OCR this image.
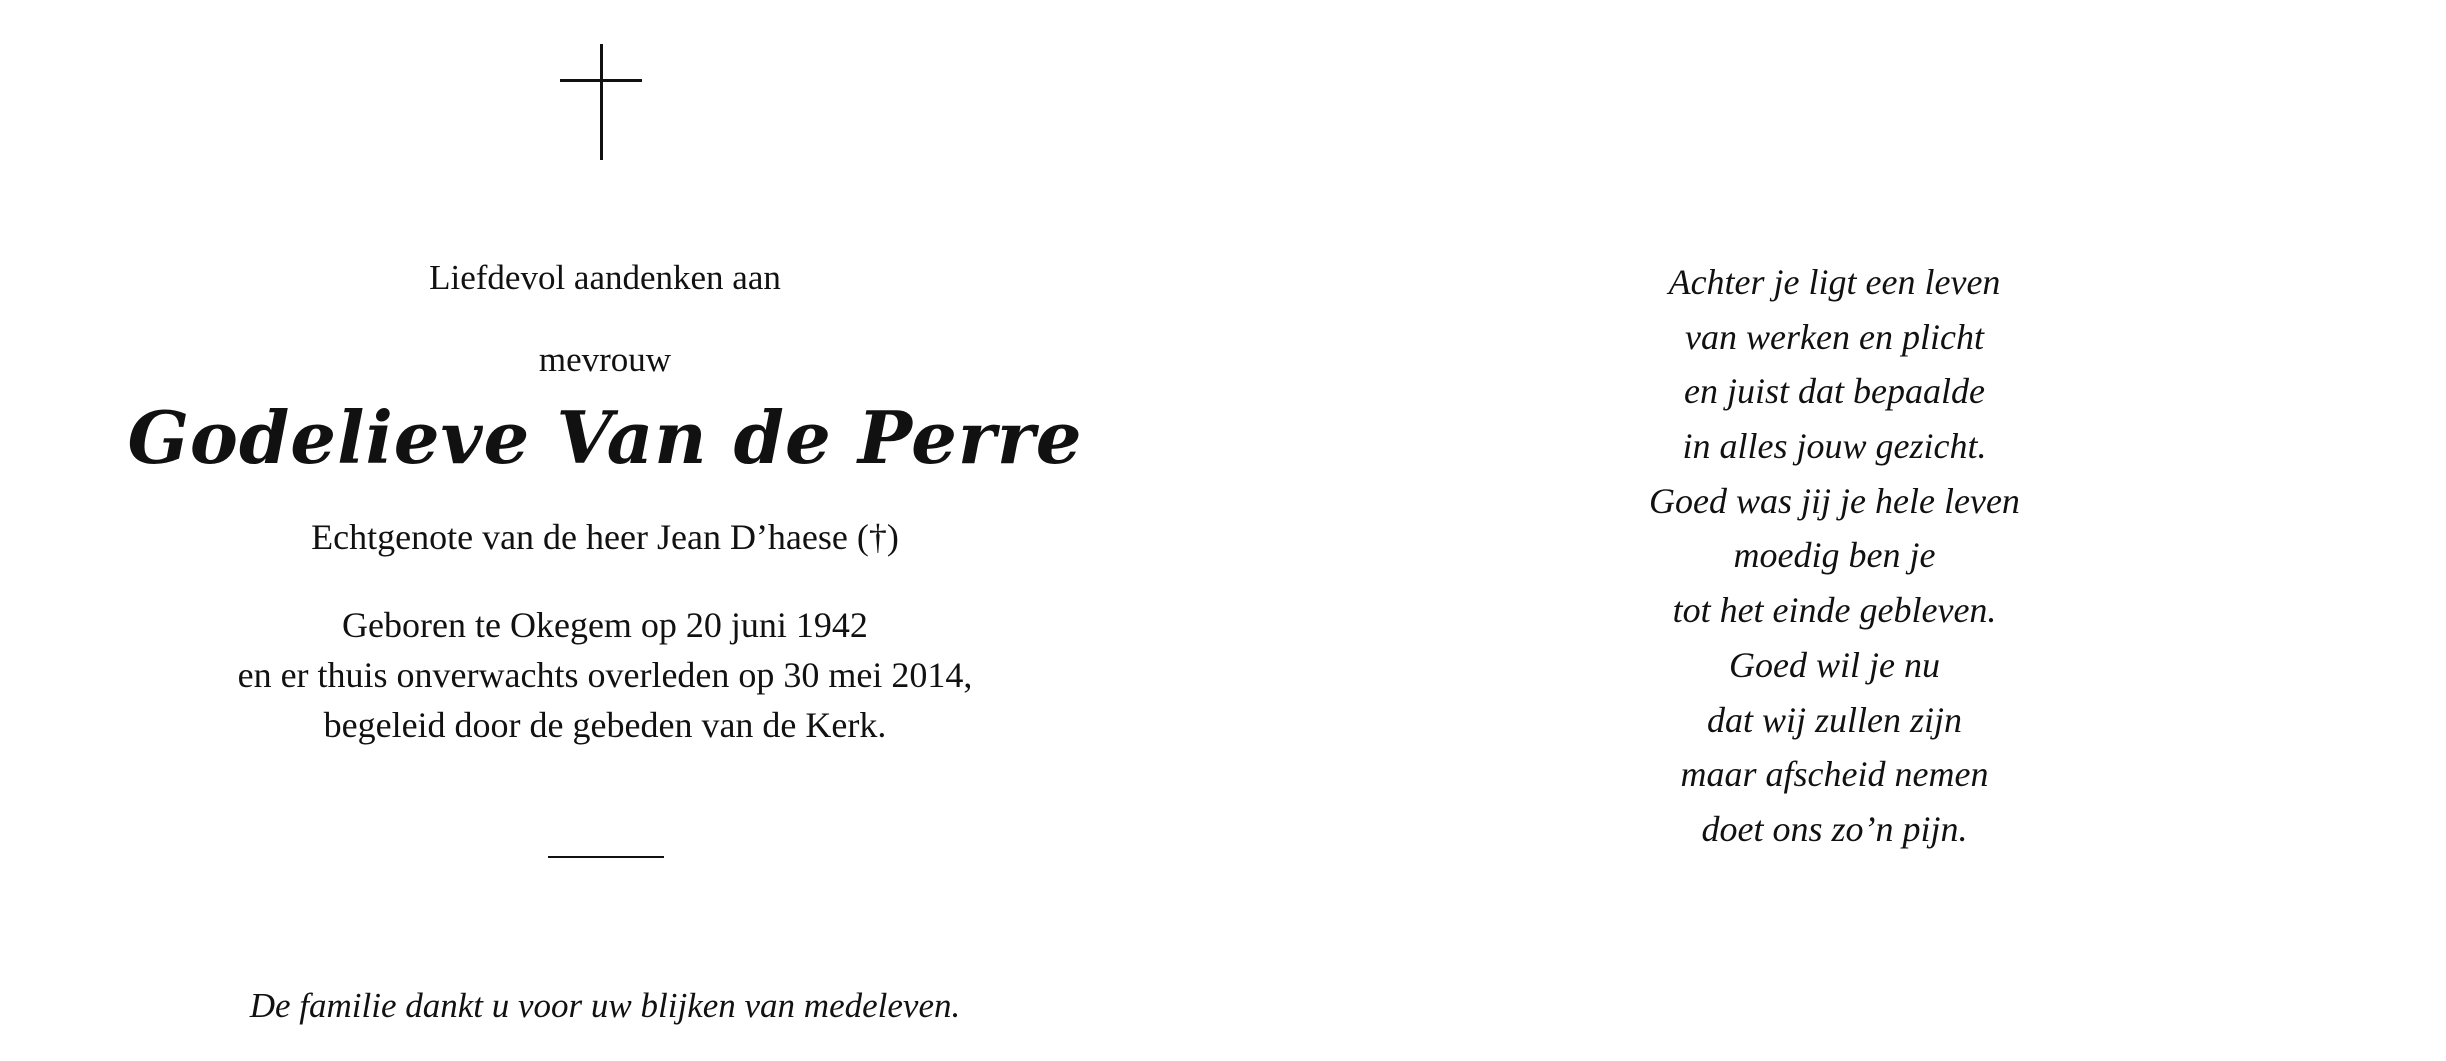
Liefdevol aandenken aan
mevrouw
Godelieve Van de Perre
Echtgenote van de heer Jean D’haese (†)
Geboren te Okegem op 20 juni 1942
en er thuis onverwachts overleden op 30 mei 2014,
begeleid door de gebeden van de Kerk.
De familie dankt u voor uw blijken van medeleven.
Achter je ligt een leven
van werken en plicht
en juist dat bepaalde
in alles jouw gezicht.
Goed was jij je hele leven
moedig ben je
tot het einde gebleven.
Goed wil je nu
dat wij zullen zijn
maar afscheid nemen
doet ons zo’n pijn.
